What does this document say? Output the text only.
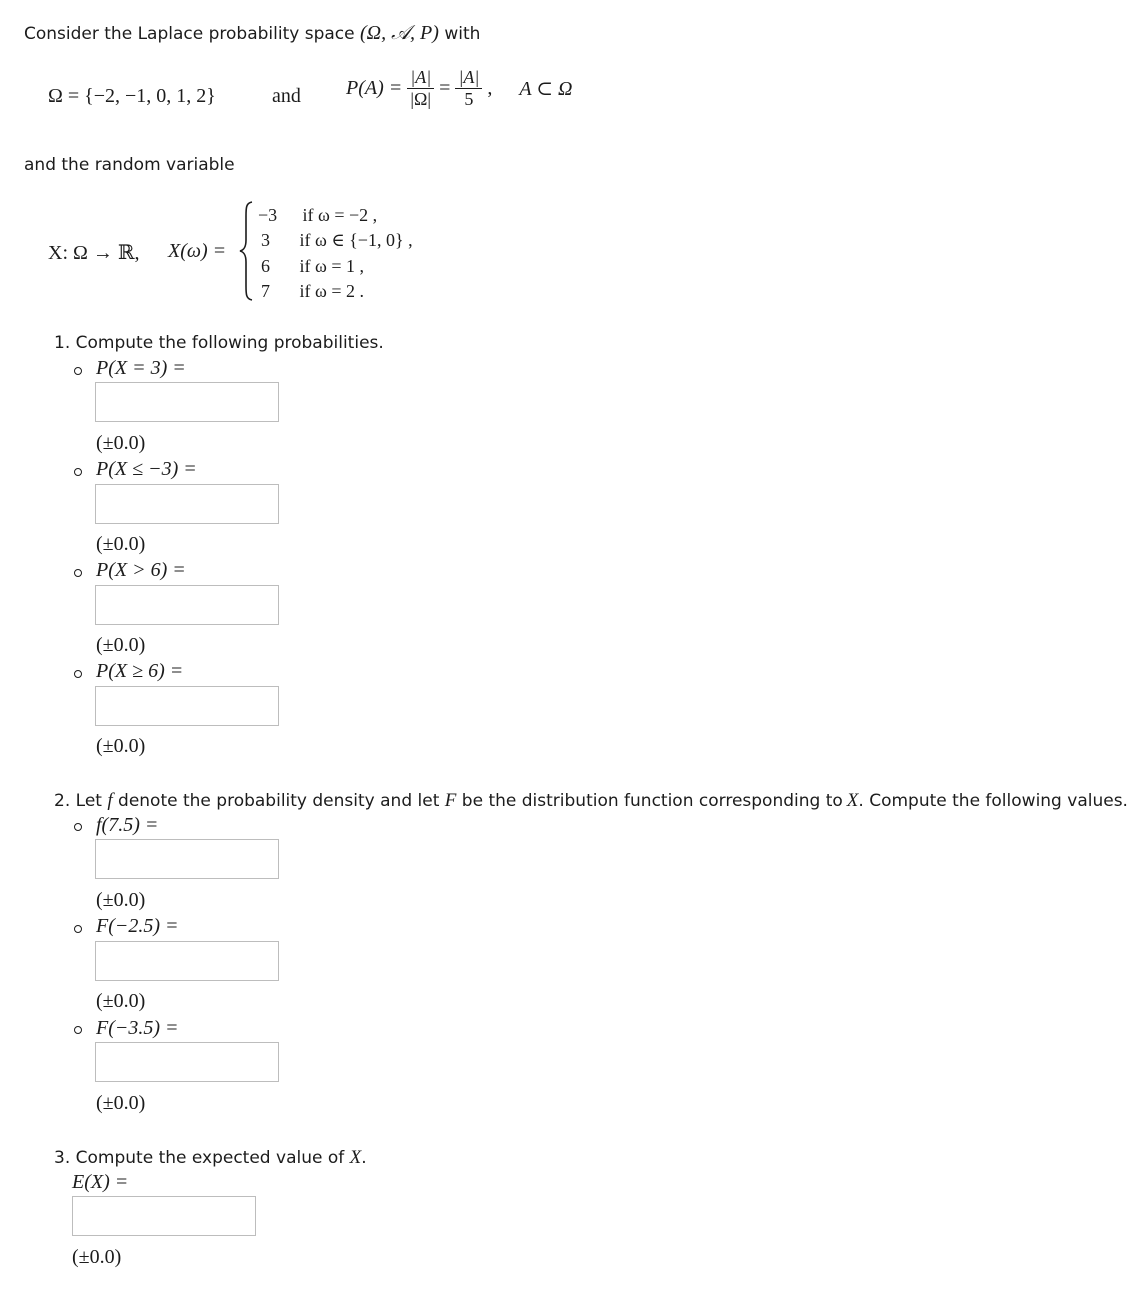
Consider the Laplace probability space (Ω, 𝒜, P) with
Ω = {−2, −1, 0, 1, 2}	and $P(A) = \frac{|A|}{|\Omega|} = \frac{|A|}{5}$ , A ⊂ Ω
and the random variable
X: Ω → ℝ, X(ω) =
−3 if ω = −2 ,
3 if ω ∈ {−1, 0} ,
6 if ω = 1 ,
7 if ω = 2 .
1. Compute the following probabilities.
P(X = 3) =
(±0.0)
P(X ≤ −3) =
(±0.0)
P(X > 6) =
(±0.0)
P(X ≥ 6) =
(±0.0)
2. Let f denote the probability density and let F be the distribution function corresponding to X. Compute the following values.
f(7.5) =
(±0.0)
F(−2.5) =
(±0.0)
F(−3.5) =
(±0.0)
3. Compute the expected value of X.
E(X) =
(±0.0)
